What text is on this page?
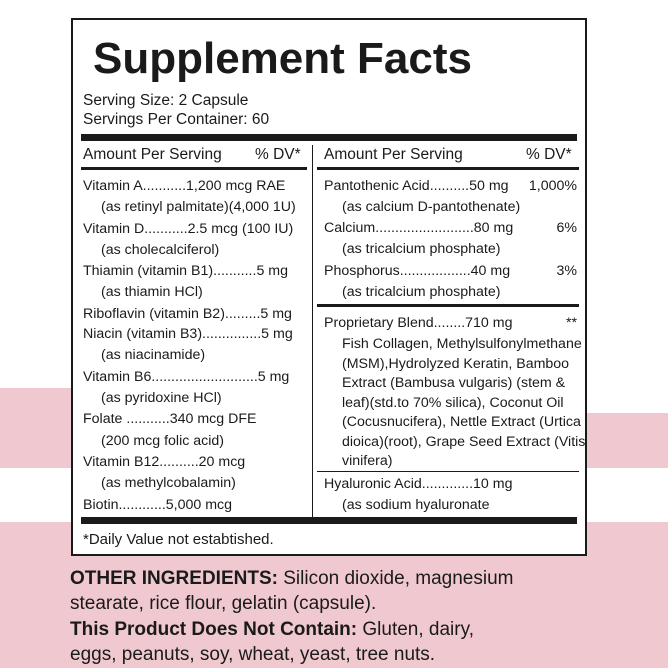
Supplement Facts
Serving Size: 2 Capsule
Servings Per Container: 60
Amount Per Serving % DV*
Vitamin A...........1,200 mcg RAE
(as retinyl palmitate)(4,000 1U)
Vitamin D...........2.5 mcg (100 IU)
(as cholecalciferol)
Thiamin (vitamin B1)...........5 mg
(as thiamin HCl)
Riboflavin (vitamin B2).........5 mg
Niacin (vitamin B3)...............5 mg
(as niacinamide)
Vitamin B6...........................5 mg
(as pyridoxine HCl)
Folate ...........340 mcg DFE
(200 mcg folic acid)
Vitamin B12..........20 mcg
(as methylcobalamin)
Biotin............5,000 mcg
Amount Per Serving	% DV*
Pantothenic Acid..........50 mg 1,000%
(as calcium D-pantothenate)
Calcium.........................80 mg	6%
(as tricalcium phosphate)
Phosphorus..................40 mg	3%
(as tricalcium phosphate)
Proprietary Blend........710 mg	**
Fish Collagen, Methylsulfonylmethane
(MSM),Hydrolyzed Keratin, Bamboo
Extract (Bambusa vulgaris) (stem &
leaf)(std.to 70% silica), Coconut Oil
(Cocusnucifera), Nettle Extract (Urtica
dioica)(root), Grape Seed Extract (Vitis
vinifera)
Hyaluronic Acid.............10 mg
(as sodium hyaluronate
*Daily Value not estabtished.
OTHER INGREDIENTS: Silicon dioxide, magnesium
stearate, rice flour, gelatin (capsule).
This Product Does Not Contain: Gluten, dairy,
eggs, peanuts, soy, wheat, yeast, tree nuts.
